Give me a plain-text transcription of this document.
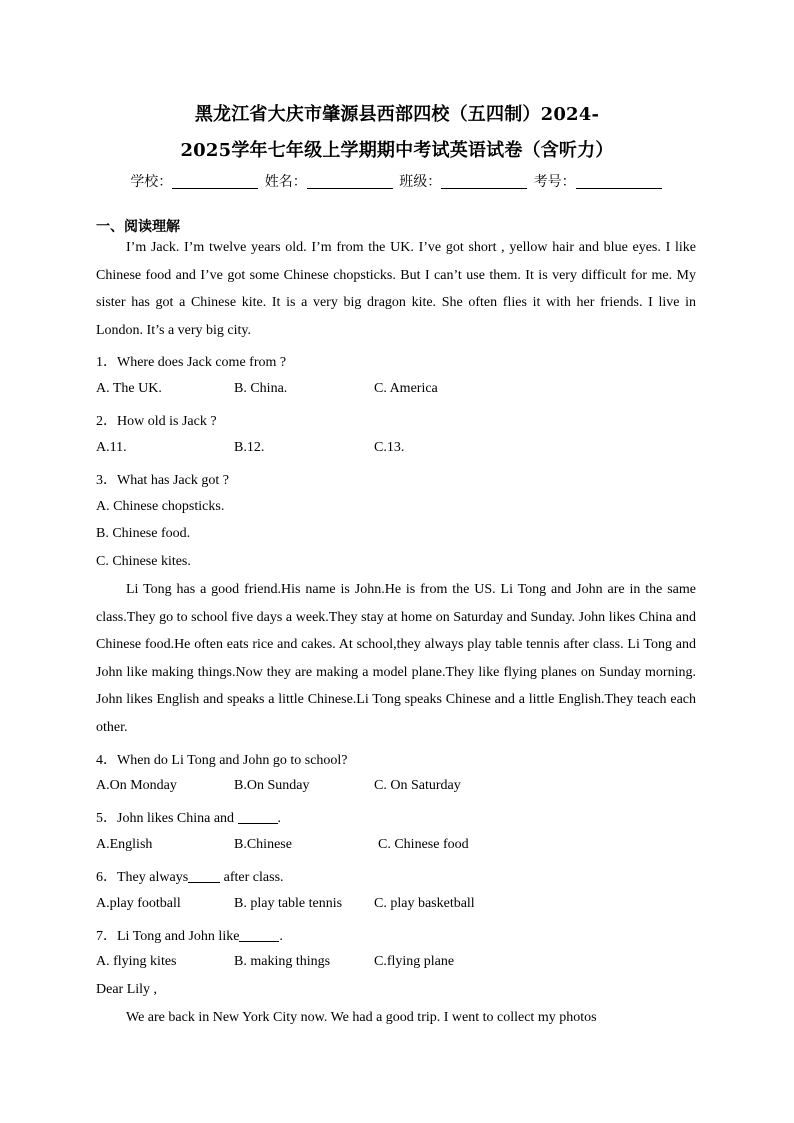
黑龙江省大庆市肇源县西部四校（五四制）2024-
2025学年七年级上学期期中考试英语试卷（含听力）
学校：	姓名：	班级：	考号：
一、阅读理解
I’m Jack. I’m twelve years old. I’m from the UK. I’ve got short , yellow hair and blue eyes. I like Chinese food and I’ve got some Chinese chopsticks. But I can’t use them. It is very difficult for me. My sister has got a Chinese kite. It is a very big dragon kite. She often flies it with her friends. I live in London. It’s a very big city.
1．Where does Jack come from ?
A. The UK.	B. China.	C. America
2．How old is Jack ?
A.11.	B.12.	C.13.
3．What has Jack got ?
A. Chinese chopsticks.
B. Chinese food.
C. Chinese kites.
Li Tong has a good friend.His name is John.He is from the US. Li Tong and John are in the same class.They go to school five days a week.They stay at home on Saturday and Sunday. John likes China and Chinese food.He often eats rice and cakes. At school,they always play table tennis after class. Li Tong and John like making things.Now they are making a model plane.They like flying planes on Sunday morning. John likes English and speaks a little Chinese.Li Tong speaks Chinese and a little English.They teach each other.
4．When do Li Tong and John go to school?
A.On Monday	B.On Sunday	C. On Saturday
5．John likes China and	.
A.English	B.Chinese	C. Chinese food
6．They always after class.
A.play football	B. play table tennis C. play basketball
7．Li Tong and John like	.
A. flying kites	B. making things	C.flying plane
Dear Lily ,
We are back in New York City now. We had a good trip. I went to collect my photos
